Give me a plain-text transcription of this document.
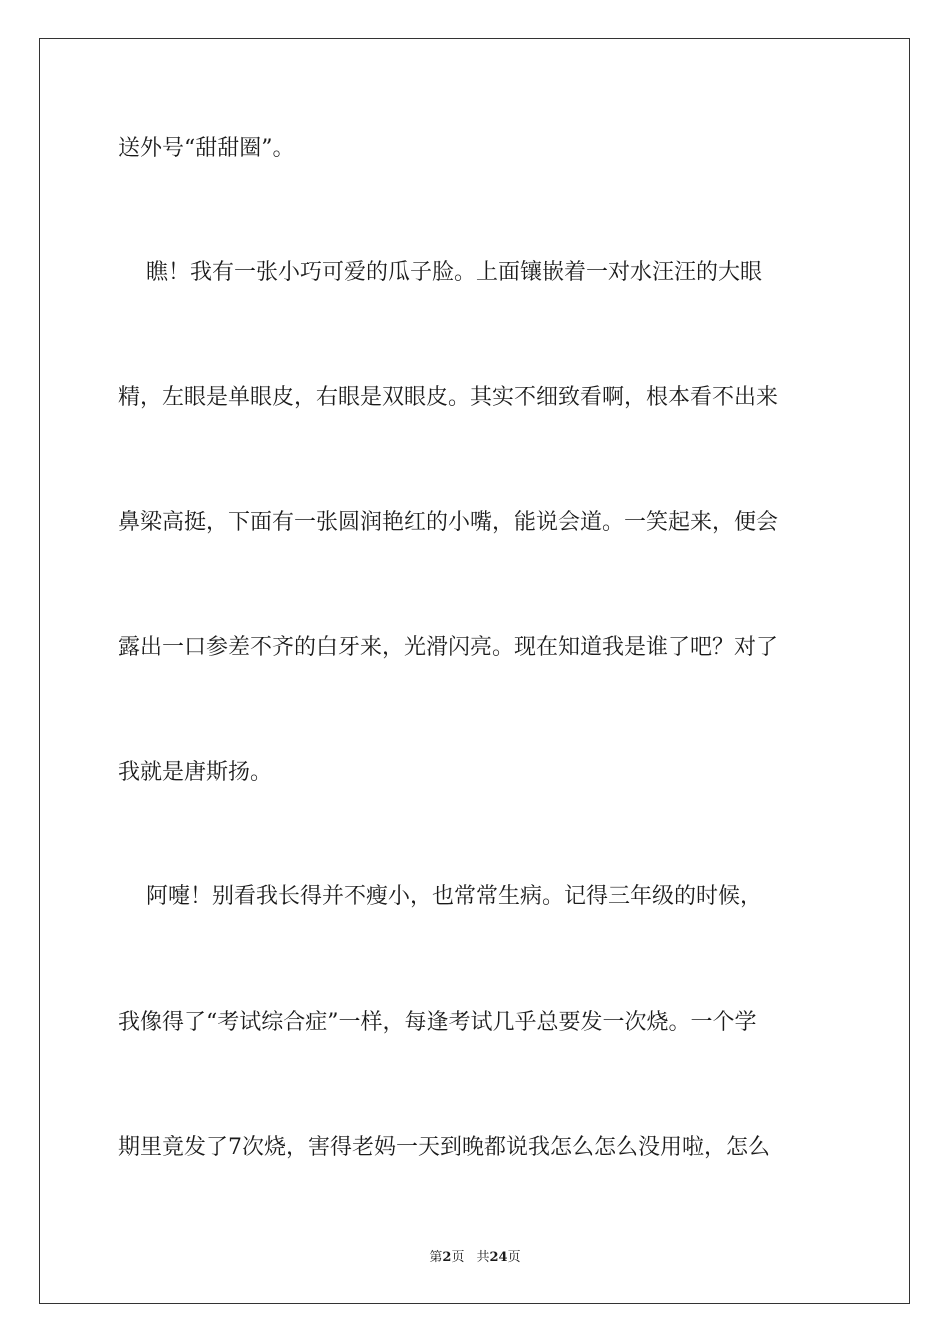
送外号“甜甜圈”。
瞧！我有一张小巧可爱的瓜子脸。上面镶嵌着一对水汪汪的大眼
精，左眼是单眼皮，右眼是双眼皮。其实不细致看啊，根本看不出来
鼻梁高挺，下面有一张圆润艳红的小嘴，能说会道。一笑起来，便会
露出一口参差不齐的白牙来，光滑闪亮。现在知道我是谁了吧？对了
我就是唐斯扬。
阿嚏！别看我长得并不瘦小，也常常生病。记得三年级的时候，
我像得了“考试综合症”一样，每逢考试几乎总要发一次烧。一个学
期里竟发了7次烧，害得老妈一天到晚都说我怎么怎么没用啦，怎么
第2页 共24页
